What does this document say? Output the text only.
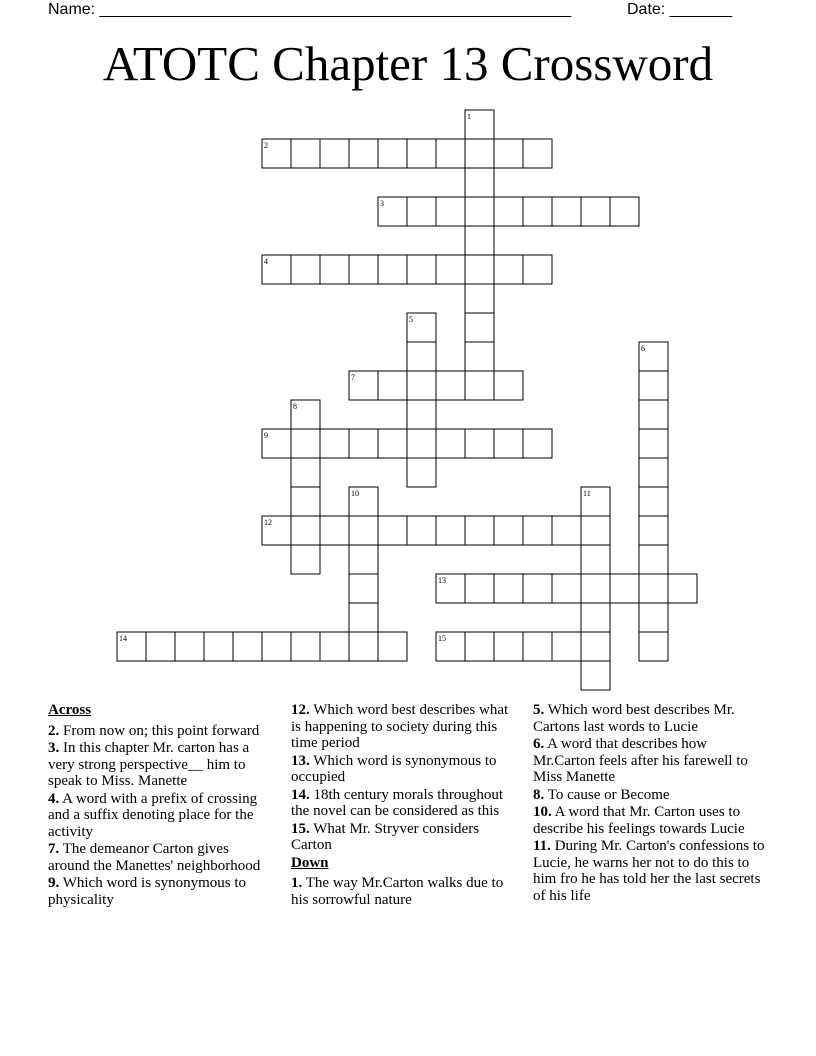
Name: _____________________________________________________	Date: _______
ATOTC Chapter 13 Crossword
1
2
3
4
5
6
7
8
9
10	11
12
13
14	15
Across
2. From now on; this point forward
3. In this chapter Mr. carton has a very strong perspective__ him to speak to Miss. Manette
4. A word with a prefix of crossing and a suffix denoting place for the activity
7. The demeanor Carton gives around the Manettes' neighborhood
9. Which word is synonymous to physicality
12. Which word best describes what is happening to society during this time period
13. Which word is synonymous to occupied
14. 18th century morals throughout the novel can be considered as this
15. What Mr. Stryver considers Carton
Down
1. The way Mr.Carton walks due to his sorrowful nature
5. Which word best describes Mr. Cartons last words to Lucie
6. A word that describes how Mr.Carton feels after his farewell to Miss Manette
8. To cause or Become
10. A word that Mr. Carton uses to describe his feelings towards Lucie
11. During Mr. Carton's confessions to Lucie, he warns her not to do this to him fro he has told her the last secrets of his life
